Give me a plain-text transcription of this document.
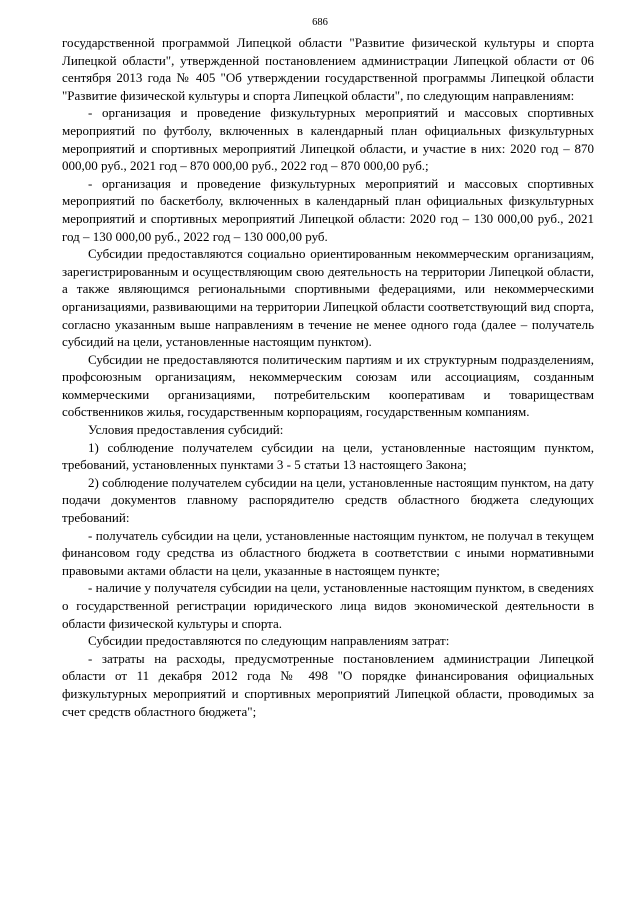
686

государственной программой Липецкой области "Развитие физической культуры и спорта Липецкой области", утвержденной постановлением администрации Липецкой области от 06 сентября 2013 года № 405 "Об утверждении государственной программы Липецкой области "Развитие физической культуры и спорта Липецкой области", по следующим направлениям:

- организация и проведение физкультурных мероприятий и массовых спортивных мероприятий по футболу, включенных в календарный план официальных физкультурных мероприятий и спортивных мероприятий Липецкой области, и участие в них: 2020 год – 870 000,00 руб., 2021 год – 870 000,00 руб., 2022 год – 870 000,00 руб.;

- организация и проведение физкультурных мероприятий и массовых спортивных мероприятий по баскетболу, включенных в календарный план официальных физкультурных мероприятий и спортивных мероприятий Липецкой области: 2020 год – 130 000,00 руб., 2021 год – 130 000,00 руб., 2022 год – 130 000,00 руб.

Субсидии предоставляются социально ориентированным некоммерческим организациям, зарегистрированным и осуществляющим свою деятельность на территории Липецкой области, а также являющимся региональными спортивными федерациями, или некоммерческими организациями, развивающими на территории Липецкой области соответствующий вид спорта, согласно указанным выше направлениям в течение не менее одного года (далее – получатель субсидий на цели, установленные настоящим пунктом).

Субсидии не предоставляются политическим партиям и их структурным подразделениям, профсоюзным организациям, некоммерческим союзам или ассоциациям, созданным коммерческими организациями, потребительским кооперативам и товариществам собственников жилья, государственным корпорациям, государственным компаниям.

Условия предоставления субсидий:

1) соблюдение получателем субсидии на цели, установленные настоящим пунктом, требований, установленных пунктами 3 - 5 статьи 13 настоящего Закона;

2) соблюдение получателем субсидии на цели, установленные настоящим пунктом, на дату подачи документов главному распорядителю средств областного бюджета следующих требований:

- получатель субсидии на цели, установленные настоящим пунктом, не получал в текущем финансовом году средства из областного бюджета в соответствии с иными нормативными правовыми актами области на цели, указанные в настоящем пункте;

- наличие у получателя субсидии на цели, установленные настоящим пунктом, в сведениях о государственной регистрации юридического лица видов экономической деятельности в области физической культуры и спорта.

Субсидии предоставляются по следующим направлениям затрат:

- затраты на расходы, предусмотренные постановлением администрации Липецкой области от 11 декабря 2012 года № 498 "О порядке финансирования официальных физкультурных мероприятий и спортивных мероприятий Липецкой области, проводимых за счет средств областного бюджета";
